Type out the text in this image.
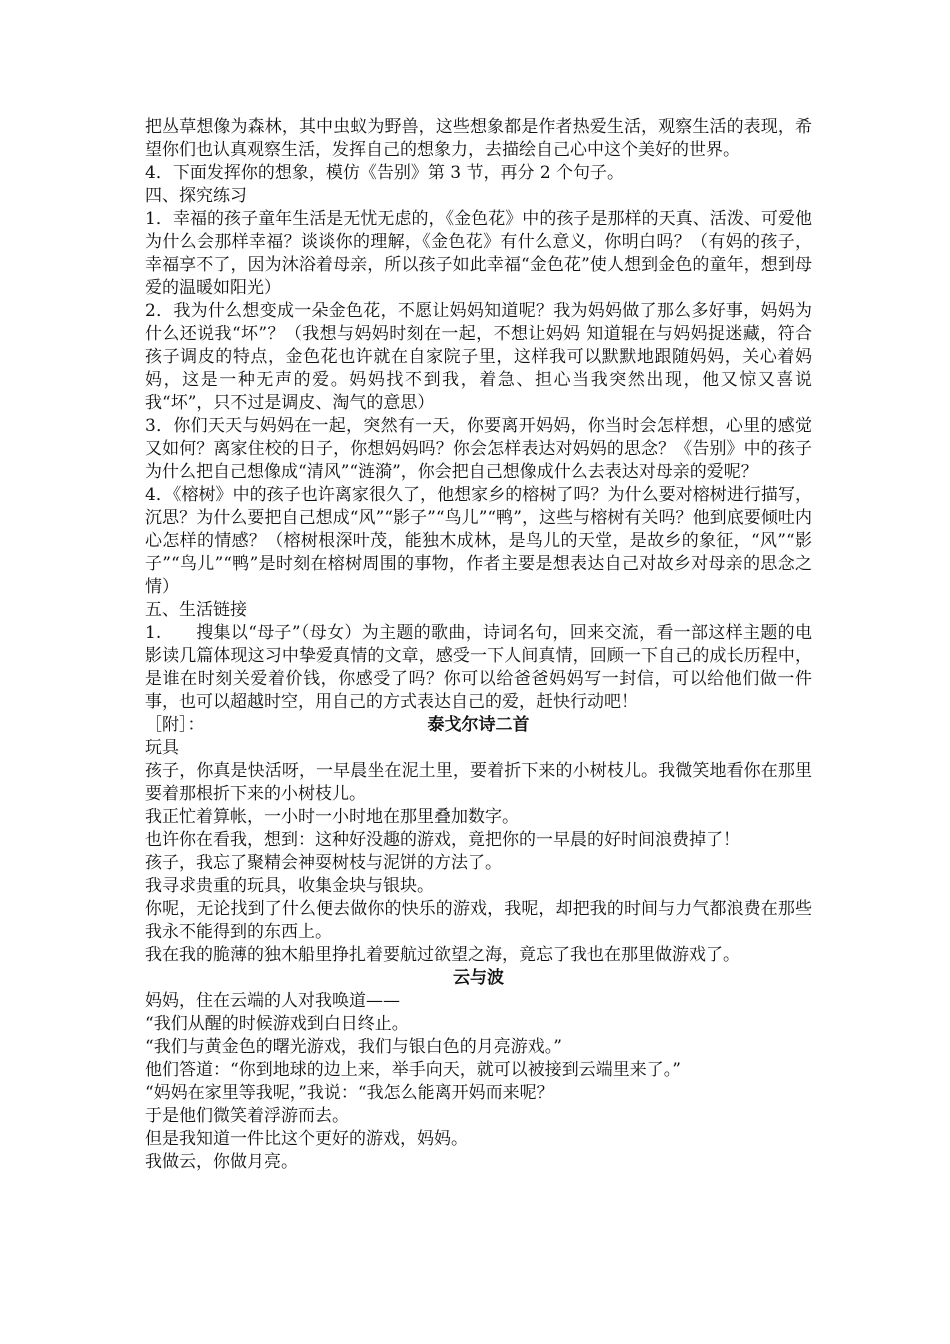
把丛草想像为森林，其中虫蚁为野兽，这些想象都是作者热爱生活，观察生活的表现，希望你们也认真观察生活，发挥自己的想象力，去描绘自己心中这个美好的世界。

4．下面发挥你的想象，模仿《告别》第 3 节，再分 2 个句子。

四、探究练习

1．幸福的孩子童年生活是无忧无虑的，《金色花》中的孩子是那样的天真、活泼、可爱他为什么会那样幸福？谈谈你的理解，《金色花》有什么意义，你明白吗？（有妈的孩子，幸福享不了，因为沐浴着母亲，所以孩子如此幸福“金色花”使人想到金色的童年，想到母爱的温暖如阳光）

2．我为什么想变成一朵金色花，不愿让妈妈知道呢？我为妈妈做了那么多好事，妈妈为什么还说我“坏”？（我想与妈妈时刻在一起，不想让妈妈 知道辊在与妈妈捉迷藏，符合孩子调皮的特点，金色花也许就在自家院子里，这样我可以默默地跟随妈妈，关心着妈妈，这是一种无声的爱。妈妈找不到我，着急、担心当我突然出现，他又惊又喜说我“坏”，只不过是调皮、淘气的意思）

3．你们天天与妈妈在一起，突然有一天，你要离开妈妈，你当时会怎样想，心里的感觉又如何？离家住校的日子，你想妈妈吗？你会怎样表达对妈妈的思念？《告别》中的孩子为什么把自己想像成“清风”“涟漪”，你会把自己想像成什么去表达对母亲的爱呢？

4．《榕树》中的孩子也许离家很久了，他想家乡的榕树了吗？为什么要对榕树进行描写，沉思？为什么要把自己想成“风”“影子”“鸟儿”“鸭”，这些与榕树有关吗？他到底要倾吐内心怎样的情感？（榕树根深叶茂，能独木成林，是鸟儿的天堂，是故乡的象征，“风”“影子”“鸟儿”“鸭”是时刻在榕树周围的事物，作者主要是想表达自己对故乡对母亲的思念之情）

五、生活链接

1.　　搜集以“母子”（母女）为主题的歌曲，诗词名句，回来交流，看一部这样主题的电影读几篇体现这习中挚爱真情的文章，感受一下人间真情，回顾一下自己的成长历程中，是谁在时刻关爱着价钱，你感受了吗？你可以给爸爸妈妈写一封信，可以给他们做一件事，也可以超越时空，用自己的方式表达自己的爱，赶快行动吧！

［附］：	泰戈尔诗二首

玩具

孩子，你真是快活呀，一早晨坐在泥土里，要着折下来的小树枝儿。我微笑地看你在那里要着那根折下来的小树枝儿。

我正忙着算帐，一小时一小时地在那里叠加数字。

也许你在看我，想到：这种好没趣的游戏，竟把你的一早晨的好时间浪费掉了！

孩子，我忘了聚精会神耍树枝与泥饼的方法了。

我寻求贵重的玩具，收集金块与银块。

你呢，无论找到了什么便去做你的快乐的游戏，我呢，却把我的时间与力气都浪费在那些我永不能得到的东西上。

我在我的脆薄的独木船里挣扎着要航过欲望之海，竟忘了我也在那里做游戏了。

云与波

妈妈，住在云端的人对我唤道——

“我们从醒的时候游戏到白日终止。

“我们与黄金色的曙光游戏，我们与银白色的月亮游戏。”

他们答道：“你到地球的边上来，举手向天，就可以被接到云端里来了。”

“妈妈在家里等我呢，”我说：“我怎么能离开妈而来呢？

于是他们微笑着浮游而去。

但是我知道一件比这个更好的游戏，妈妈。

我做云，你做月亮。
